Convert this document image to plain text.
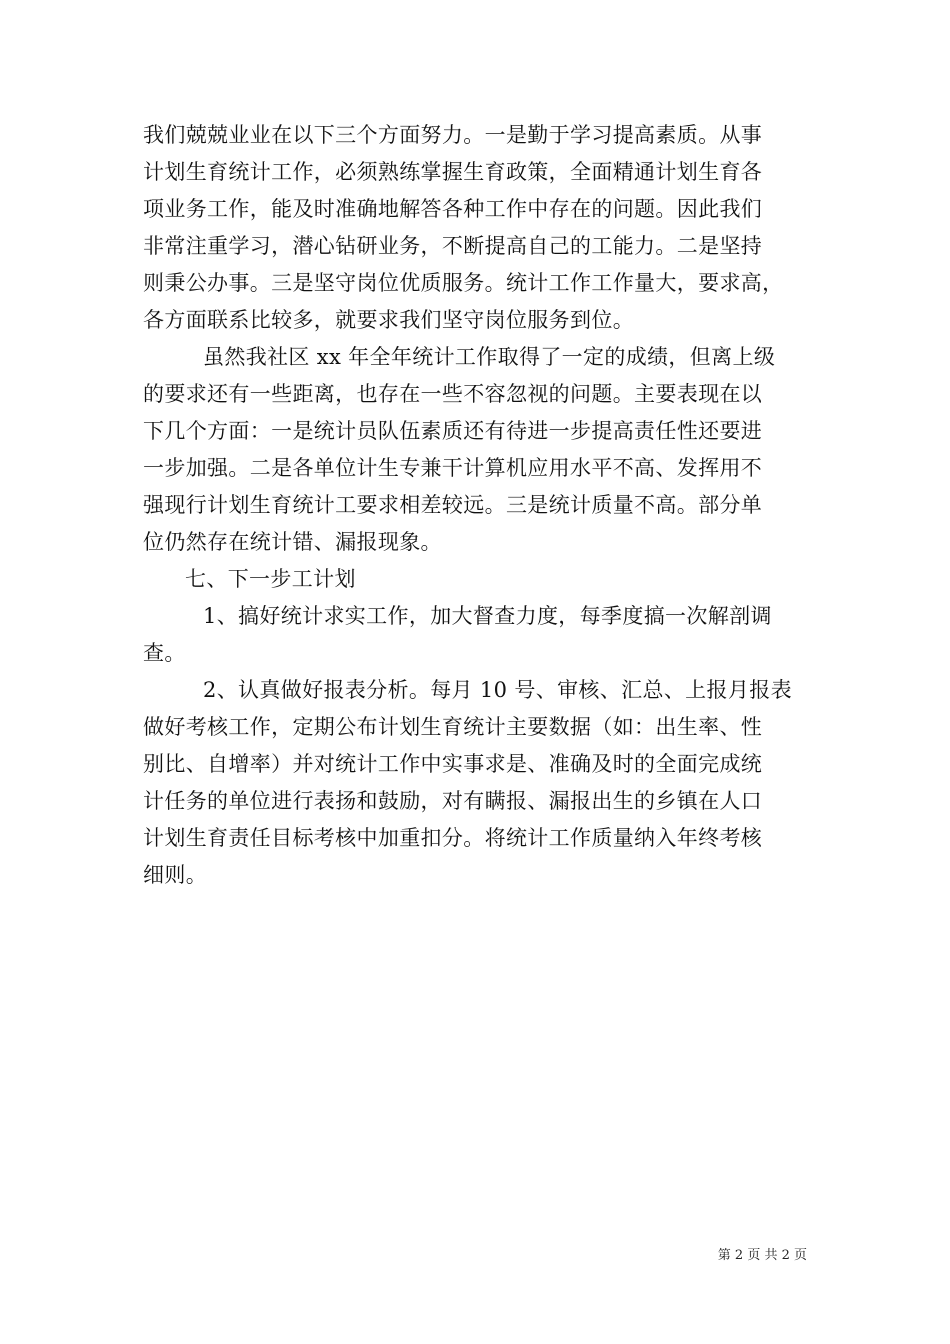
我们兢兢业业在以下三个方面努力。一是勤于学习提高素质。从事
计划生育统计工作，必须熟练掌握生育政策，全面精通计划生育各
项业务工作，能及时准确地解答各种工作中存在的问题。因此我们
非常注重学习，潜心钻研业务，不断提高自己的工能力。二是坚持
则秉公办事。三是坚守岗位优质服务。统计工作工作量大，要求高，
各方面联系比较多，就要求我们坚守岗位服务到位。
虽然我社区 xx 年全年统计工作取得了一定的成绩，但离上级
的要求还有一些距离，也存在一些不容忽视的问题。主要表现在以
下几个方面：一是统计员队伍素质还有待进一步提高责任性还要进
一步加强。二是各单位计生专兼干计算机应用水平不高、发挥用不
强现行计划生育统计工要求相差较远。三是统计质量不高。部分单
位仍然存在统计错、漏报现象。
七、下一步工计划
1、搞好统计求实工作，加大督查力度，每季度搞一次解剖调
查。
2、认真做好报表分析。每月 10 号、审核、汇总、上报月报表
做好考核工作，定期公布计划生育统计主要数据（如：出生率、性
别比、自增率）并对统计工作中实事求是、准确及时的全面完成统
计任务的单位进行表扬和鼓励，对有瞒报、漏报出生的乡镇在人口
计划生育责任目标考核中加重扣分。将统计工作质量纳入年终考核
细则。
第 2 页 共 2 页
